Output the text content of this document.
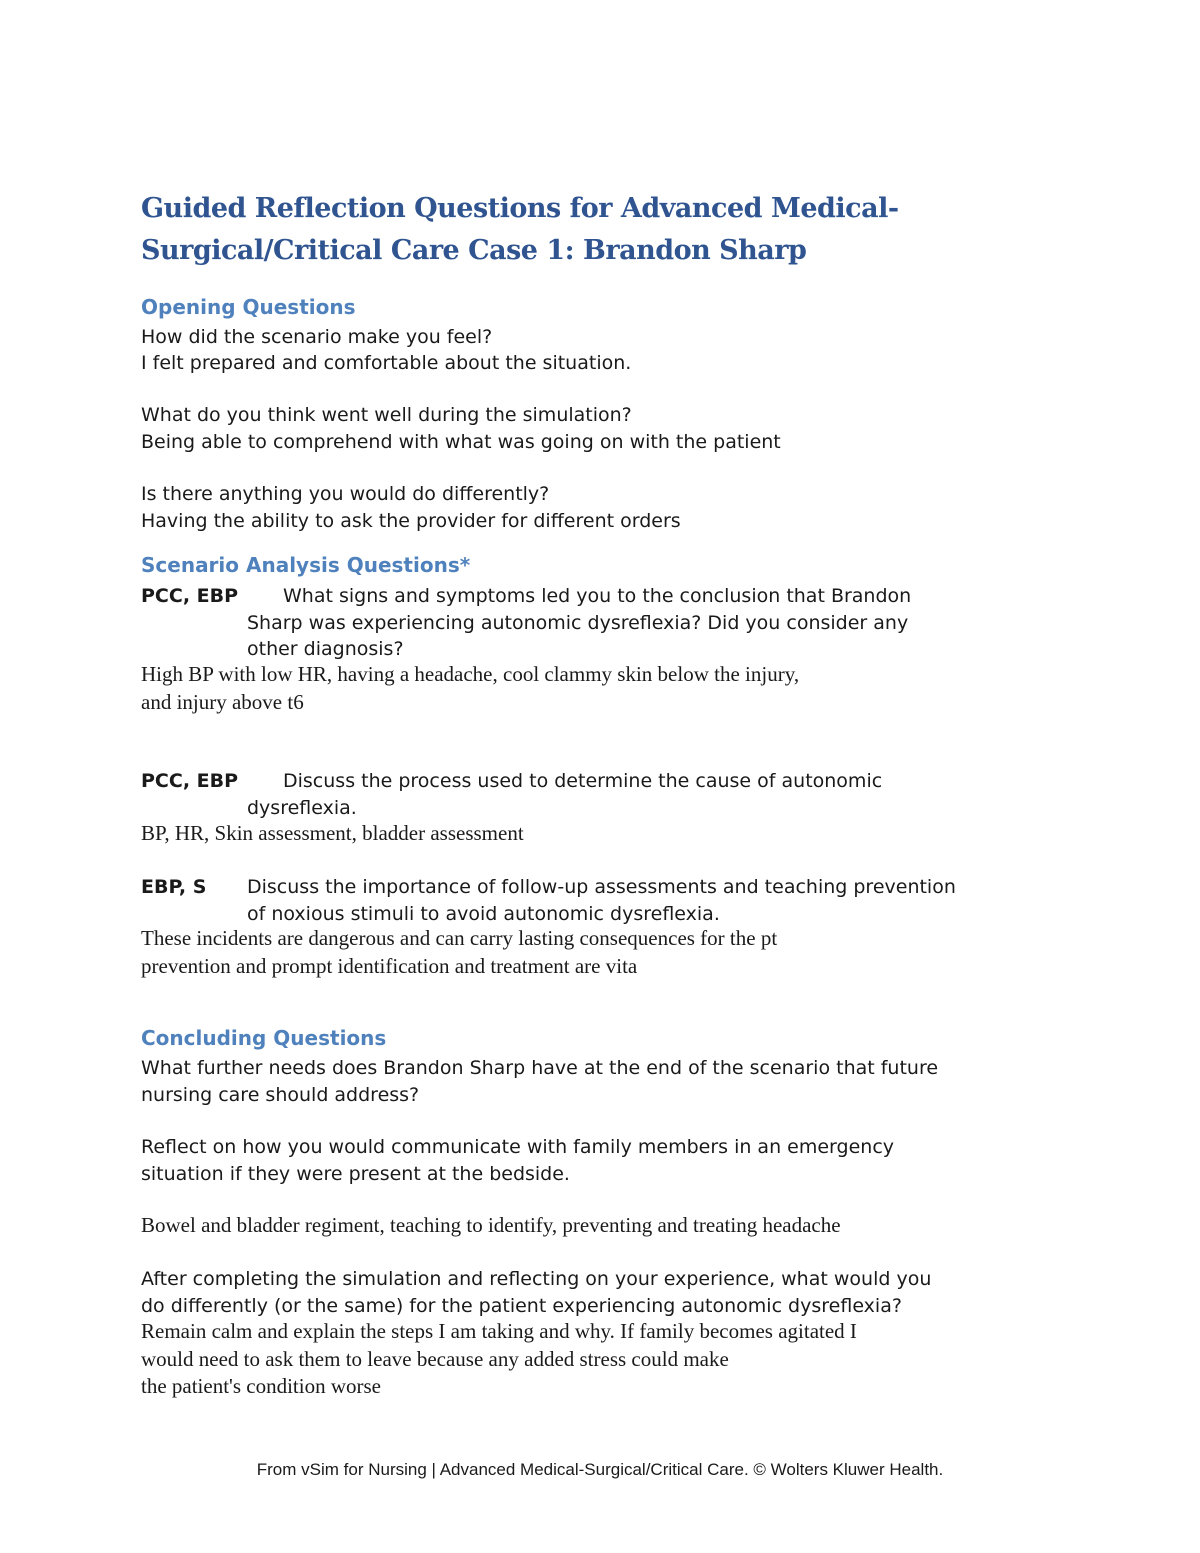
Guided Reflection Questions for Advanced Medical-
Surgical/Critical Care Case 1: Brandon Sharp
Opening Questions

How did the scenario make you feel?

I felt prepared and comfortable about the situation.

What do you think went well during the simulation?

Being able to comprehend with what was going on with the patient

Is there anything you would do differently?

Having the ability to ask the provider for different orders

Scenario Analysis Questions*
PCC, EBP What signs and symptoms led you to the conclusion that Brandon
Sharp was experiencing autonomic dysreflexia? Did you consider any
other diagnosis?
High BP with low HR, having a headache, cool clammy skin below the injury,
and injury above t6
PCC, EBP Discuss the process used to determine the cause of autonomic
dysreflexia.
BP, HR, Skin assessment, bladder assessment
EBP, S Discuss the importance of follow-up assessments and teaching prevention
of noxious stimuli to avoid autonomic dysreflexia.
These incidents are dangerous and can carry lasting consequences for the pt
prevention and prompt identification and treatment are vita
Concluding Questions
What further needs does Brandon Sharp have at the end of the scenario that future
nursing care should address?
Reflect on how you would communicate with family members in an emergency
situation if they were present at the bedside.

Bowel and bladder regiment, teaching to identify, preventing and treating headache

After completing the simulation and reflecting on your experience, what would you
do differently (or the same) for the patient experiencing autonomic dysreflexia?
Remain calm and explain the steps I am taking and why. If family becomes agitated I
would need to ask them to leave because any added stress could make
the patient's condition worse
From vSim for Nursing | Advanced Medical-Surgical/Critical Care. © Wolters Kluwer Health.
